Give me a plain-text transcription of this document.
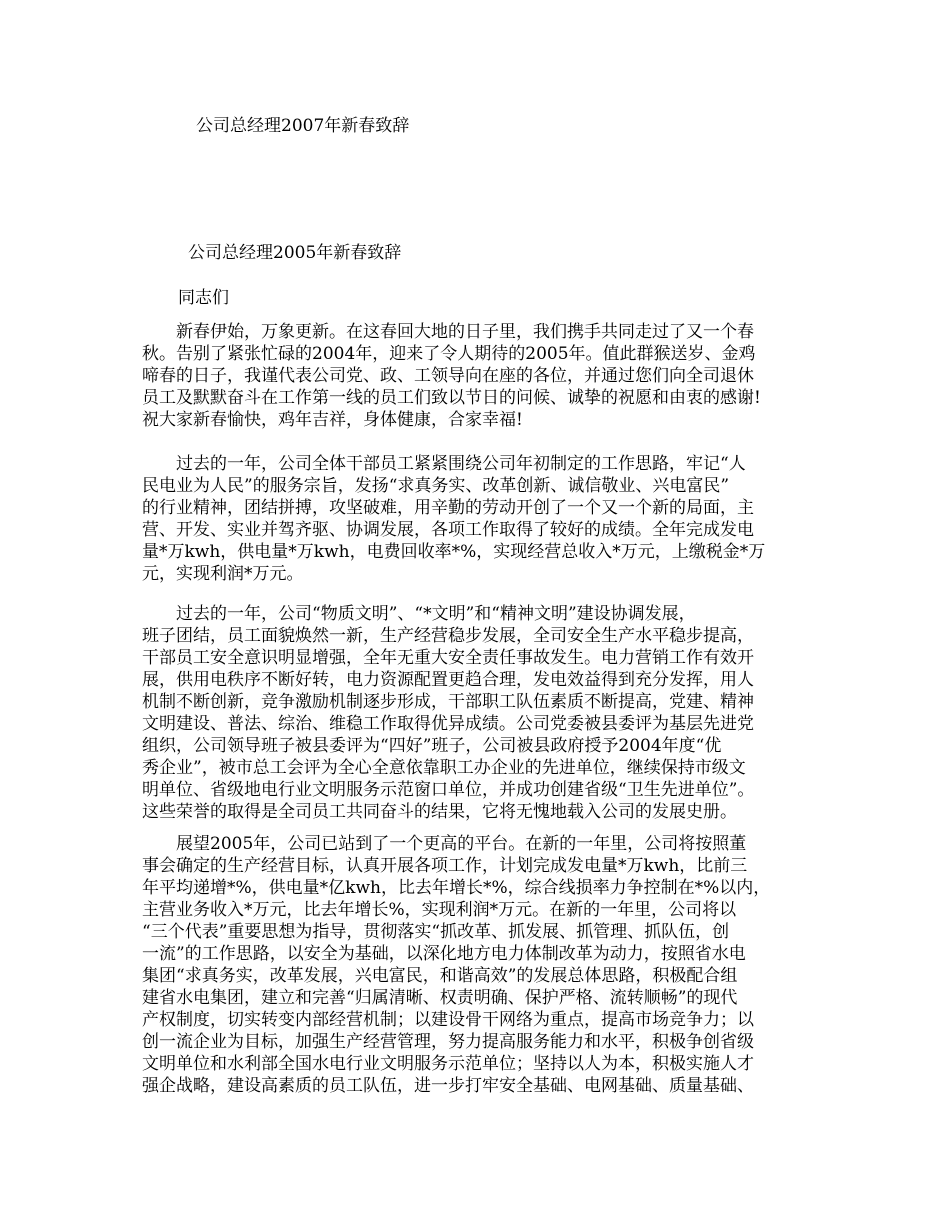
公司总经理2007年新春致辞
公司总经理2005年新春致辞
同志们
　　新春伊始，万象更新。在这春回大地的日子里，我们携手共同走过了又一个春
秋。告别了紧张忙碌的2004年，迎来了令人期待的2005年。值此群猴送岁、金鸡
啼春的日子，我谨代表公司党、政、工领导向在座的各位，并通过您们向全司退休
员工及默默奋斗在工作第一线的员工们致以节日的问候、诚挚的祝愿和由衷的感谢!
祝大家新春愉快，鸡年吉祥，身体健康，合家幸福!
　　过去的一年，公司全体干部员工紧紧围绕公司年初制定的工作思路，牢记“人
民电业为人民”的服务宗旨，发扬“求真务实、改革创新、诚信敬业、兴电富民”
的行业精神，团结拼搏，攻坚破难，用辛勤的劳动开创了一个又一个新的局面，主
营、开发、实业并驾齐驱、协调发展，各项工作取得了较好的成绩。全年完成发电
量*万kwh，供电量*万kwh，电费回收率*%，实现经营总收入*万元，上缴税金*万
元，实现利润*万元。
　　过去的一年，公司“物质文明”、“*文明”和“精神文明”建设协调发展，
班子团结，员工面貌焕然一新，生产经营稳步发展，全司安全生产水平稳步提高，
干部员工安全意识明显增强，全年无重大安全责任事故发生。电力营销工作有效开
展，供用电秩序不断好转，电力资源配置更趋合理，发电效益得到充分发挥，用人
机制不断创新，竞争激励机制逐步形成，干部职工队伍素质不断提高，党建、精神
文明建设、普法、综治、维稳工作取得优异成绩。公司党委被县委评为基层先进党
组织，公司领导班子被县委评为“四好”班子，公司被县政府授予2004年度“优
秀企业”，被市总工会评为全心全意依靠职工办企业的先进单位，继续保持市级文
明单位、省级地电行业文明服务示范窗口单位，并成功创建省级“卫生先进单位”。
这些荣誉的取得是全司员工共同奋斗的结果，它将无愧地载入公司的发展史册。
　　展望2005年，公司已站到了一个更高的平台。在新的一年里，公司将按照董
事会确定的生产经营目标，认真开展各项工作，计划完成发电量*万kwh，比前三
年平均递增*%，供电量*亿kwh，比去年增长*%，综合线损率力争控制在*%以内，
主营业务收入*万元，比去年增长%，实现利润*万元。在新的一年里，公司将以
“三个代表”重要思想为指导，贯彻落实“抓改革、抓发展、抓管理、抓队伍，创
一流”的工作思路，以安全为基础，以深化地方电力体制改革为动力，按照省水电
集团“求真务实，改革发展，兴电富民，和谐高效”的发展总体思路，积极配合组
建省水电集团，建立和完善“归属清晰、权责明确、保护严格、流转顺畅”的现代
产权制度，切实转变内部经营机制；以建设骨干网络为重点，提高市场竞争力；以
创一流企业为目标，加强生产经营管理，努力提高服务能力和水平，积极争创省级
文明单位和水利部全国水电行业文明服务示范单位；坚持以人为本，积极实施人才
强企战略，建设高素质的员工队伍，进一步打牢安全基础、电网基础、质量基础、
